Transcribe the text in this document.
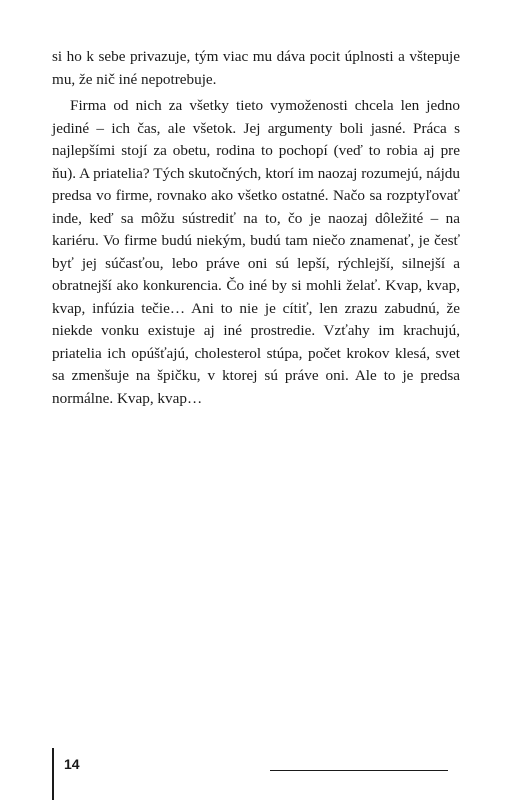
si ho k sebe privazuje, tým viac mu dáva pocit úplnosti a vštepuje mu, že nič iné nepotrebuje.

Firma od nich za všetky tieto vymoženosti chcela len jedno jediné – ich čas, ale všetok. Jej argumenty boli jasné. Práca s najlepšími stojí za obetu, rodina to pochopí (veď to robia aj pre ňu). A priatelia? Tých skutočných, ktorí im naozaj rozumejú, nájdu predsa vo firme, rovnako ako všetko ostatné. Načo sa rozptyľovať inde, keď sa môžu sústrediť na to, čo je naozaj dôležité – na kariéru. Vo firme budú niekým, budú tam niečo znamenať, je česť byť jej súčasťou, lebo práve oni sú lepší, rýchlejší, silnejší a obratnejší ako konkurencia. Čo iné by si mohli želať. Kvap, kvap, kvap, infúzia tečie… Ani to nie je cítiť, len zrazu zabudnú, že niekde vonku existuje aj iné prostredie. Vzťahy im krachujú, priatelia ich opúšťajú, cholesterol stúpa, počet krokov klesá, svet sa zmenšuje na špičku, v ktorej sú práve oni. Ale to je predsa normálne. Kvap, kvap…

14
